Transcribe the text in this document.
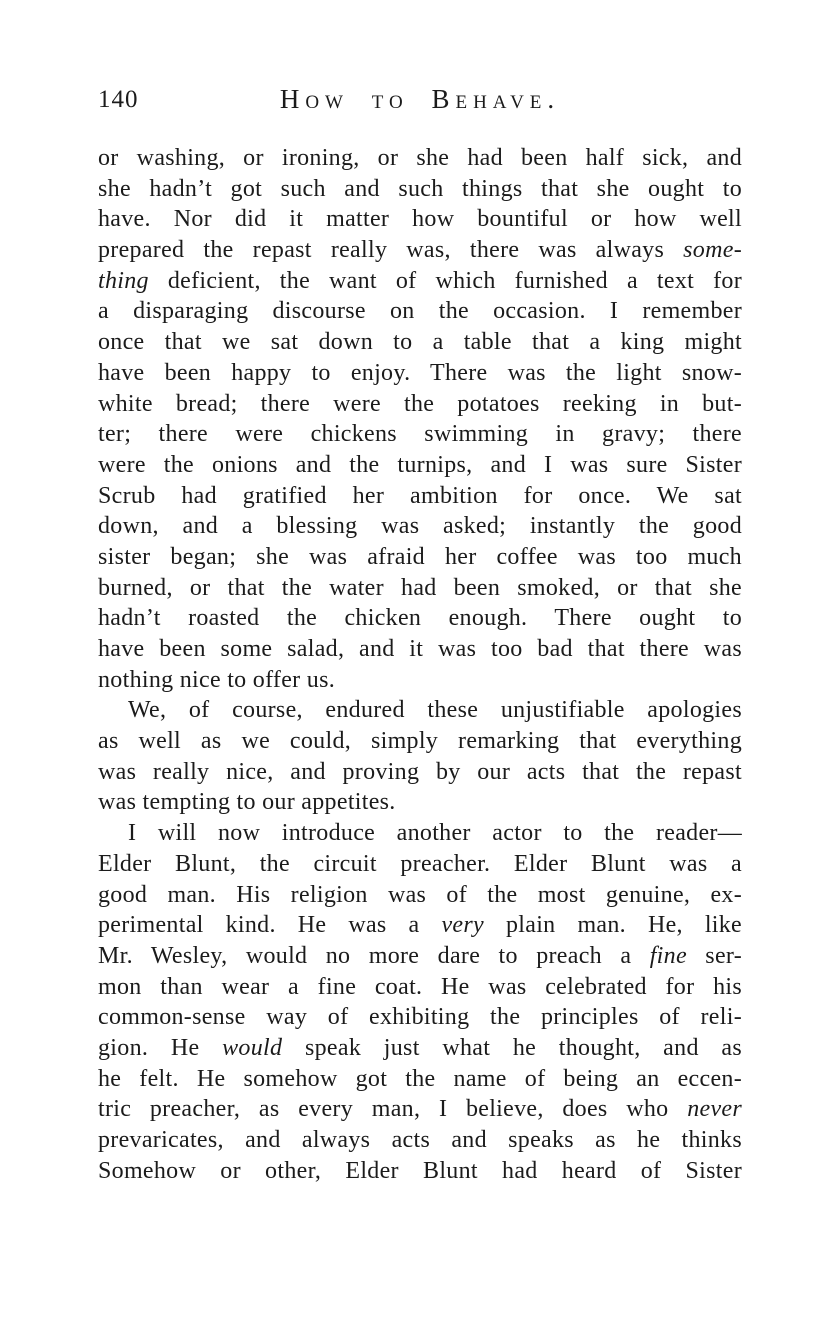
140	How to Behave.
or washing, or ironing, or she had been half sick, and
she hadn’t got such and such things that she ought to
have. Nor did it matter how bountiful or how well
prepared the repast really was, there was always some-
thing deficient, the want of which furnished a text for
a disparaging discourse on the occasion. I remember
once that we sat down to a table that a king might
have been happy to enjoy. There was the light snow-
white bread; there were the potatoes reeking in but-
ter; there were chickens swimming in gravy; there
were the onions and the turnips, and I was sure Sister
Scrub had gratified her ambition for once. We sat
down, and a blessing was asked; instantly the good
sister began; she was afraid her coffee was too much
burned, or that the water had been smoked, or that she
hadn’t roasted the chicken enough. There ought to
have been some salad, and it was too bad that there was
nothing nice to offer us.
We, of course, endured these unjustifiable apologies
as well as we could, simply remarking that everything
was really nice, and proving by our acts that the repast
was tempting to our appetites.
I will now introduce another actor to the reader—
Elder Blunt, the circuit preacher. Elder Blunt was a
good man. His religion was of the most genuine, ex-
perimental kind. He was a very plain man. He, like
Mr. Wesley, would no more dare to preach a fine ser-
mon than wear a fine coat. He was celebrated for his
common-sense way of exhibiting the principles of reli-
gion. He would speak just what he thought, and as
he felt. He somehow got the name of being an eccen-
tric preacher, as every man, I believe, does who never
prevaricates, and always acts and speaks as he thinks
Somehow or other, Elder Blunt had heard of Sister
